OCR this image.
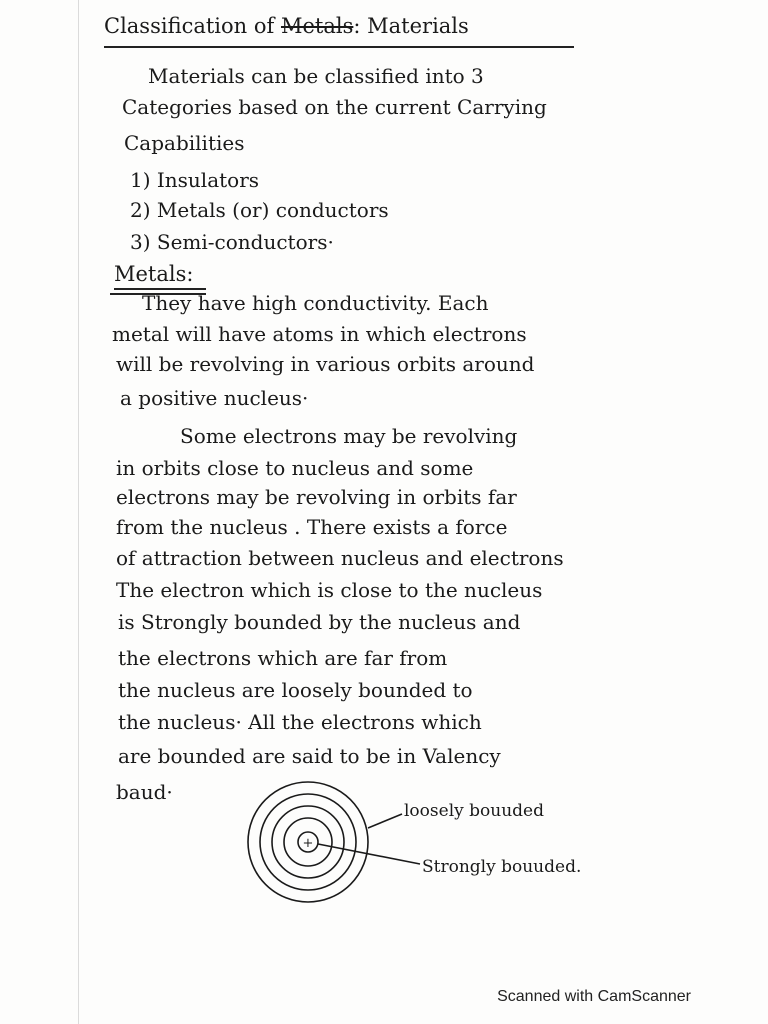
Classification of Metals: Materials
Materials can be classified into 3
Categories based on the current Carrying
Capabilities
1) Insulators
2) Metals (or) conductors
3) Semi-conductors·
Metals:
They have high conductivity. Each
metal will have atoms in which electrons
will be revolving in various orbits around
a positive nucleus·
Some electrons may be revolving
in orbits close to nucleus and some
electrons may be revolving in orbits far
from the nucleus . There exists a force
of attraction between nucleus and electrons
The electron which is close to the nucleus
is Strongly bounded by the nucleus and
the electrons which are far from
the nucleus are loosely bounded to
the nucleus· All the electrons which
are bounded are said to be in Valency
baud·
+
loosely bouuded
Strongly bouuded.
Scanned with CamScanner
